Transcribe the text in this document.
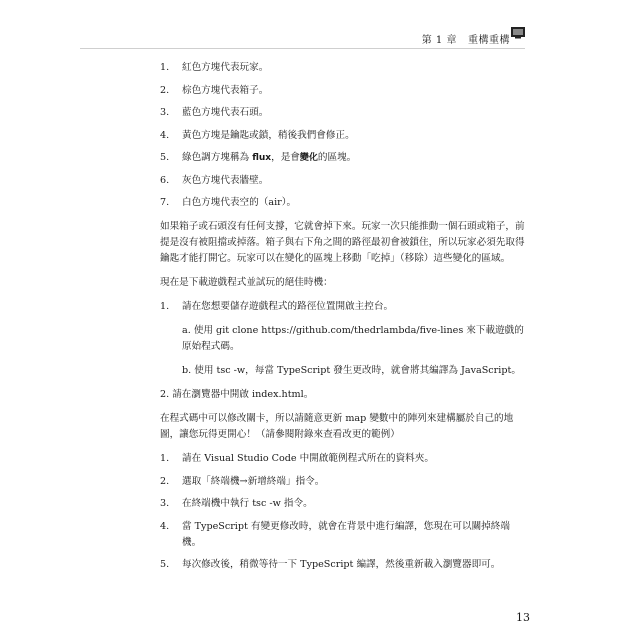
第 1 章 重構重構
1.	紅色方塊代表玩家。
2.	棕色方塊代表箱子。
3.	藍色方塊代表石頭。
4.	黃色方塊是鑰匙或鎖，稍後我們會修正。
5.	綠色調方塊稱為 flux，是會變化的區塊。
6.	灰色方塊代表牆壁。
7.	白色方塊代表空的（air）。

如果箱子或石頭沒有任何支撐，它就會掉下來。玩家一次只能推動一個石頭或箱子，前提是沒有被阻擋或掉落。箱子與右下角之間的路徑最初會被鎖住，所以玩家必須先取得鑰匙才能打開它。玩家可以在變化的區塊上移動「吃掉」（移除）這些變化的區域。

現在是下載遊戲程式並試玩的絕佳時機：

1.	請在您想要儲存遊戲程式的路徑位置開啟主控台。
a. 使用 git clone https://github.com/thedrlambda/five-lines 來下載遊戲的原始程式碼。
b. 使用 tsc -w，每當 TypeScript 發生更改時，就會將其編譯為 JavaScript。
2. 請在瀏覽器中開啟 index.html。

在程式碼中可以修改關卡，所以請隨意更新 map 變數中的陣列來建構屬於自己的地圖，讓您玩得更開心！（請參閱附錄來查看改更的範例）

1.	請在 Visual Studio Code 中開啟範例程式所在的資料夾。
2.	選取「終端機→新增終端」指令。
3.	在終端機中執行 tsc -w 指令。
4.	當 TypeScript 有變更修改時，就會在背景中進行編譯，您現在可以關掉終端機。
5.	每次修改後，稍微等待一下 TypeScript 編譯，然後重新載入瀏覽器即可。
13
